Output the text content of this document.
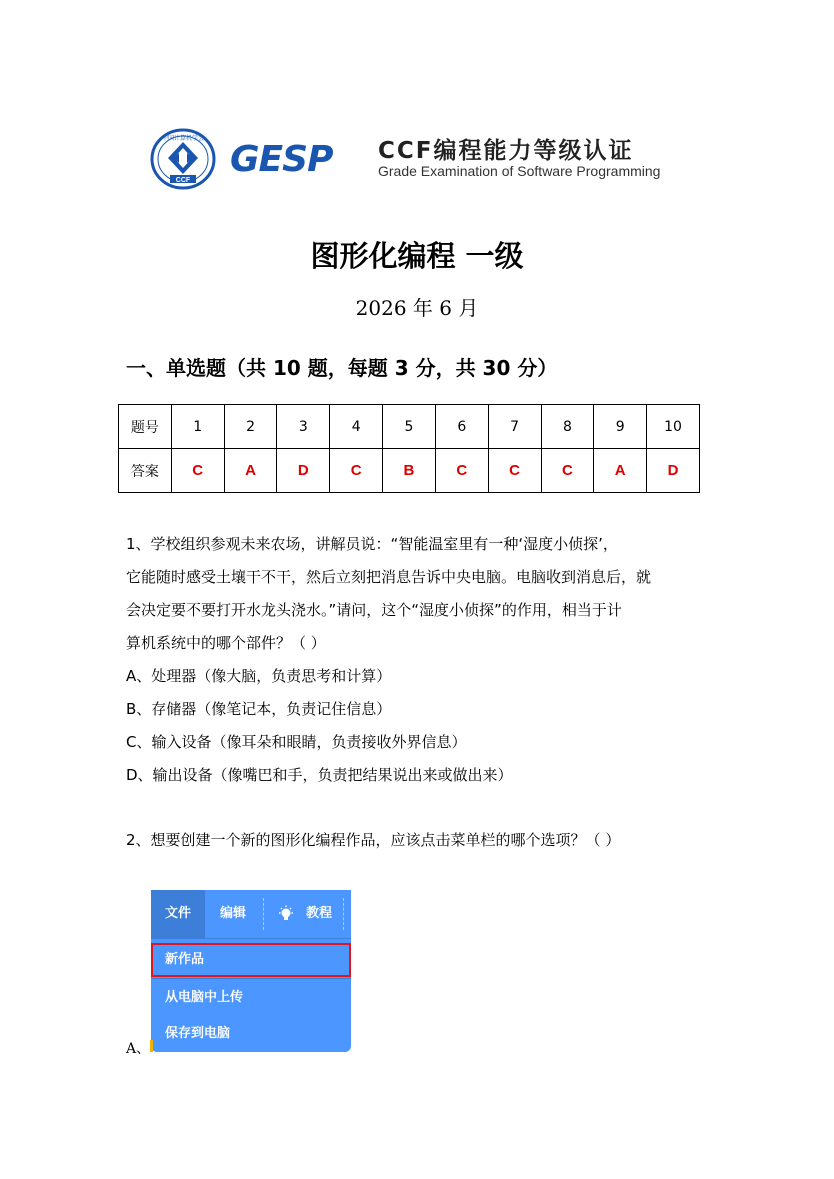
CCF
中国计算机学会
GESP CCF编程能力等级认证
Grade Examination of Software Programming
图形化编程 一级
2026 年 6 月
一、单选题（共 10 题，每题 3 分，共 30 分）
题号	1	2	3	4	5	6	7	8	9	10
答案	C	A	D	C	B	C	C	C	A	D
1、学校组织参观未来农场，讲解员说：“智能温室里有一种‘湿度小侦探’，
它能随时感受土壤干不干，然后立刻把消息告诉中央电脑。电脑收到消息后，就
会决定要不要打开水龙头浇水。”请问，这个“湿度小侦探”的作用，相当于计
算机系统中的哪个部件？（ ）
A、处理器（像大脑，负责思考和计算）
B、存储器（像笔记本，负责记住信息）
C、输入设备（像耳朵和眼睛，负责接收外界信息）
D、输出设备（像嘴巴和手，负责把结果说出来或做出来）
2、想要创建一个新的图形化编程作品，应该点击菜单栏的哪个选项？（ ）
文件	编辑	教程
新作品
从电脑中上传
保存到电脑
A、
